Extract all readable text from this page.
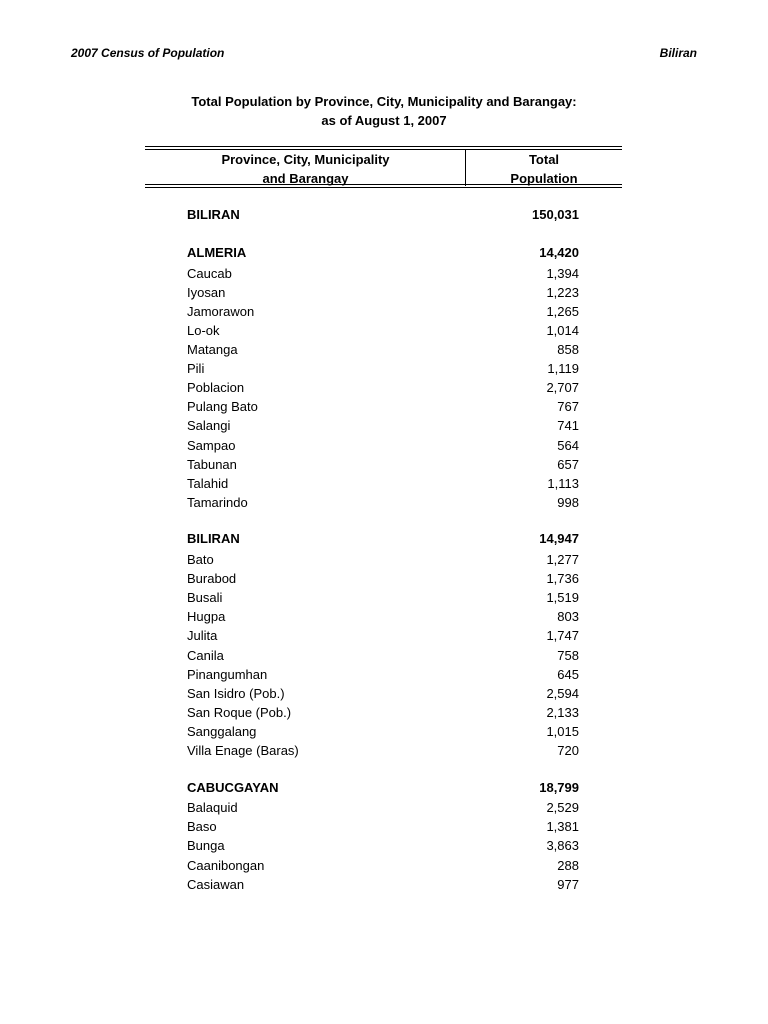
2007 Census of Population	Biliran
Total Population by Province, City, Municipality and Barangay:
as of August 1, 2007
Province, City, Municipality
and Barangay
Total
Population
BILIRAN	150,031
ALMERIA	14,420
Caucab	1,394
Iyosan	1,223
Jamorawon	1,265
Lo-ok	1,014
Matanga	858
Pili	1,119
Poblacion	2,707
Pulang Bato	767
Salangi	741
Sampao	564
Tabunan	657
Talahid	1,113
Tamarindo	998
BILIRAN	14,947
Bato	1,277
Burabod	1,736
Busali	1,519
Hugpa	803
Julita	1,747
Canila	758
Pinangumhan	645
San Isidro (Pob.)	2,594
San Roque (Pob.)	2,133
Sanggalang	1,015
Villa Enage (Baras)	720
CABUCGAYAN	18,799
Balaquid	2,529
Baso	1,381
Bunga	3,863
Caanibongan	288
Casiawan	977
